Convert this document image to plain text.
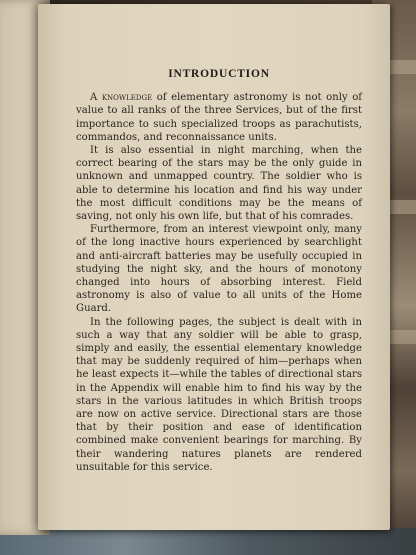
INTRODUCTION

A knowledge of elementary astronomy is not only of value to all ranks of the three Services, but of the first importance to such specialized troops as parachutists, commandos, and reconnaissance units.

It is also essential in night marching, when the correct bearing of the stars may be the only guide in unknown and unmapped country. The soldier who is able to determine his location and find his way under the most difficult conditions may be the means of saving, not only his own life, but that of his comrades.

Furthermore, from an interest viewpoint only, many of the long inactive hours experienced by searchlight and anti-aircraft batteries may be usefully occupied in studying the night sky, and the hours of monotony changed into hours of absorbing interest. Field astronomy is also of value to all units of the Home Guard.

In the following pages, the subject is dealt with in such a way that any soldier will be able to grasp, simply and easily, the essential elementary knowledge that may be suddenly required of him—perhaps when he least expects it—while the tables of directional stars in the Appendix will enable him to find his way by the stars in the various latitudes in which British troops are now on active service. Directional stars are those that by their position and ease of identification combined make convenient bearings for marching. By their wandering natures planets are rendered unsuitable for this service.
